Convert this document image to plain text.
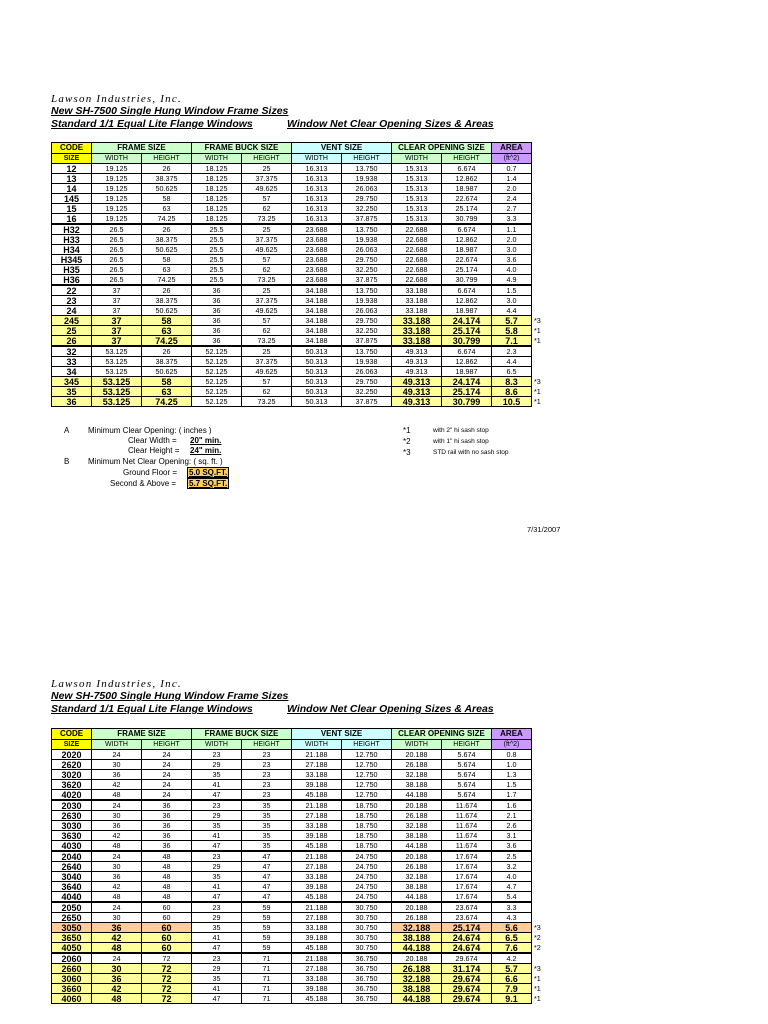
Lawson Industries, Inc.
New SH-7500 Single Hung Window Frame Sizes
Standard 1/1 Equal Lite Flange Windows	Window Net Clear Opening Sizes & Areas
CODE	FRAME SIZE		FRAME BUCK SIZE		VENT SIZE		CLEAR OPENING SIZE		AREA	
SIZE	WIDTH	HEIGHT	WIDTH	HEIGHT	WIDTH	HEIGHT	WIDTH	HEIGHT	(ft^2)	
12	19.125	26	18.125	25	16.313	13.750	15.313	6.674	0.7	
13	19.125	38.375	18.125	37.375	16.313	19.938	15.313	12.862	1.4	
14	19.125	50.625	18.125	49.625	16.313	26.063	15.313	18.987	2.0	
145	19.125	58	18.125	57	16.313	29.750	15.313	22.674	2.4	
15	19.125	63	18.125	62	16.313	32.250	15.313	25.174	2.7	
16	19.125	74.25	18.125	73.25	16.313	37.875	15.313	30.799	3.3	
H32	26.5	26	25.5	25	23.688	13.750	22.688	6.674	1.1	
H33	26.5	38.375	25.5	37.375	23.688	19.938	22.688	12.862	2.0	
H34	26.5	50.625	25.5	49.625	23.688	26.063	22.688	18.987	3.0	
H345	26.5	58	25.5	57	23.688	29.750	22.688	22.674	3.6	
H35	26.5	63	25.5	62	23.688	32.250	22.688	25.174	4.0	
H36	26.5	74.25	25.5	73.25	23.688	37.875	22.688	30.799	4.9	
22	37	26	36	25	34.188	13.750	33.188	6.674	1.5	
23	37	38.375	36	37.375	34.188	19.938	33.188	12.862	3.0	
24	37	50.625	36	49.625	34.188	26.063	33.188	18.987	4.4	
245	37	58	36	57	34.188	29.750	33.188	24.174	5.7	*3
25	37	63	36	62	34.188	32.250	33.188	25.174	5.8	*1
26	37	74.25	36	73.25	34.188	37.875	33.188	30.799	7.1	*1
32	53.125	26	52.125	25	50.313	13.750	49.313	6.674	2.3	
33	53.125	38.375	52.125	37.375	50.313	19.938	49.313	12.862	4.4	
34	53.125	50.625	52.125	49.625	50.313	26.063	49.313	18.987	6.5	
345	53.125	58	52.125	57	50.313	29.750	49.313	24.174	8.3	*3
35	53.125	63	52.125	62	50.313	32.250	49.313	25.174	8.6	*1
36	53.125	74.25	52.125	73.25	50.313	37.875	49.313	30.799	10.5	*1
A Minimum Clear Opening: ( inches )
Clear Width = 20" min.
Clear Height = 24" min.
B Minimum Net Clear Opening: ( sq. ft. )
Ground Floor = 5.0 SQ.FT.
Second & Above = 5.7 SQ.FT.
*1	with 2" hi sash stop
*2	with 1" hi sash stop
*3	STD rail with no sash stop
7/31/2007
Lawson Industries, Inc.
New SH-7500 Single Hung Window Frame Sizes
Standard 1/1 Equal Lite Flange Windows	Window Net Clear Opening Sizes & Areas
CODE	FRAME SIZE		FRAME BUCK SIZE		VENT SIZE		CLEAR OPENING SIZE		AREA	
SIZE	WIDTH	HEIGHT	WIDTH	HEIGHT	WIDTH	HEIGHT	WIDTH	HEIGHT	(ft^2)	
2020	24	24	23	23	21.188	12.750	20.188	5.674	0.8	
2620	30	24	29	23	27.188	12.750	26.188	5.674	1.0	
3020	36	24	35	23	33.188	12.750	32.188	5.674	1.3	
3620	42	24	41	23	39.188	12.750	38.188	5.674	1.5	
4020	48	24	47	23	45.188	12.750	44.188	5.674	1.7	
2030	24	36	23	35	21.188	18.750	20.188	11.674	1.6	
2630	30	36	29	35	27.188	18.750	26.188	11.674	2.1	
3030	36	36	35	35	33.188	18.750	32.188	11.674	2.6	
3630	42	36	41	35	39.188	18.750	38.188	11.674	3.1	
4030	48	36	47	35	45.188	18.750	44.188	11.674	3.6	
2040	24	48	23	47	21.188	24.750	20.188	17.674	2.5	
2640	30	48	29	47	27.188	24.750	26.188	17.674	3.2	
3040	36	48	35	47	33.188	24.750	32.188	17.674	4.0	
3640	42	48	41	47	39.188	24.750	38.188	17.674	4.7	
4040	48	48	47	47	45.188	24.750	44.188	17.674	5.4	
2050	24	60	23	59	21.188	30.750	20.188	23.674	3.3	
2650	30	60	29	59	27.188	30.750	26.188	23.674	4.3	
3050	36	60	35	59	33.188	30.750	32.188	25.174	5.6	*3
3650	42	60	41	59	39.188	30.750	38.188	24.674	6.5	*2
4050	48	60	47	59	45.188	30.750	44.188	24.674	7.6	*2
2060	24	72	23	71	21.188	36.750	20.188	29.674	4.2	
2660	30	72	29	71	27.188	36.750	26.188	31.174	5.7	*3
3060	36	72	35	71	33.188	36.750	32.188	29.674	6.6	*1
3660	42	72	41	71	39.188	36.750	38.188	29.674	7.9	*1
4060	48	72	47	71	45.188	36.750	44.188	29.674	9.1	*1
